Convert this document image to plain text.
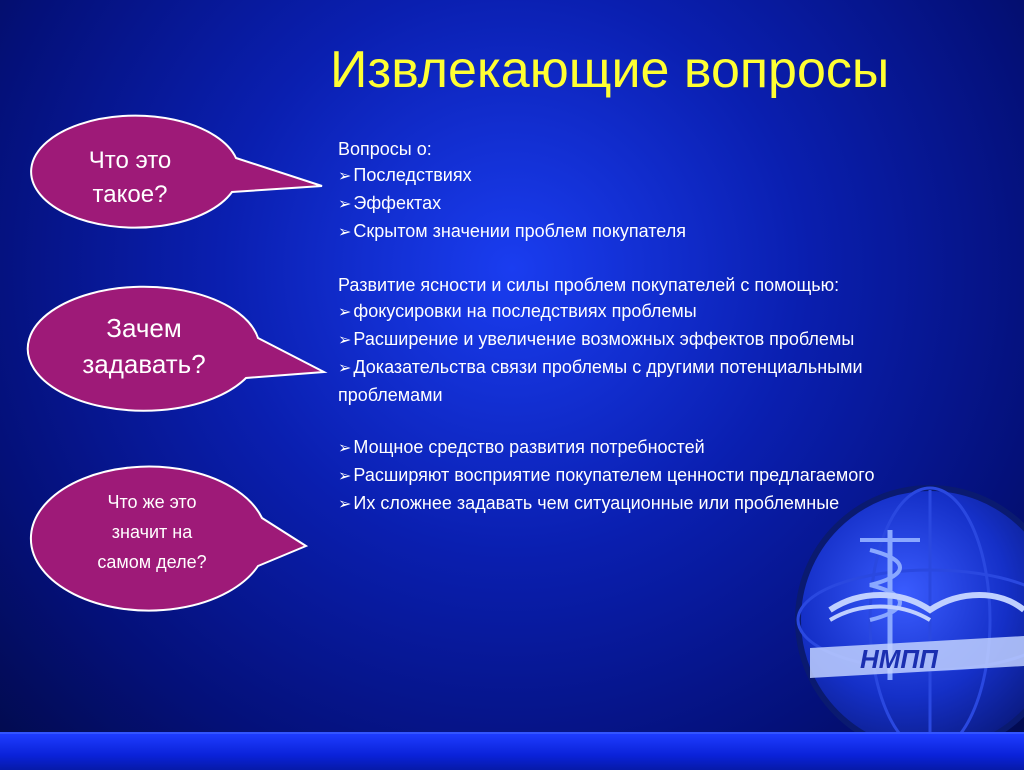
Извлекающие вопросы
Что это
такое?
Зачем
задавать?
Что же это
значит на
самом деле?
Вопросы о:
➢ Последствиях
➢ Эффектах
➢ Скрытом значении проблем покупателя
Развитие ясности и силы проблем покупателей с помощью:
➢ фокусировки на последствиях проблемы
➢ Расширение и увеличение возможных эффектов проблемы
➢ Доказательства связи проблемы с другими потенциальными проблемами
➢ Мощное средство развития потребностей
➢ Расширяют восприятие покупателем ценности предлагаемого
➢ Их сложнее задавать чем ситуационные или проблемные
НМПП
